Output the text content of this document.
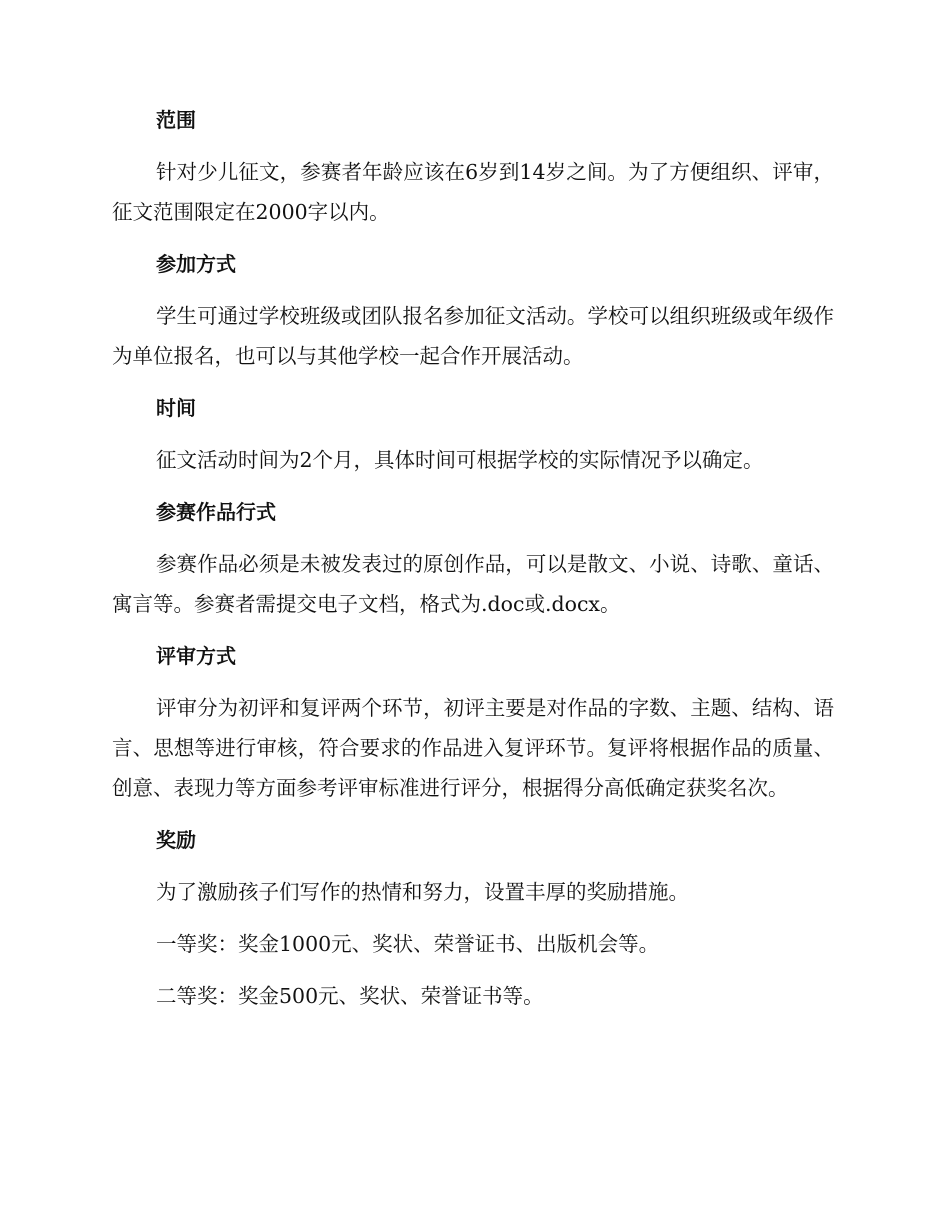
范围

针对少儿征文，参赛者年龄应该在6岁到14岁之间。为了方便组织、评审，征文范围限定在2000字以内。

参加方式

学生可通过学校班级或团队报名参加征文活动。学校可以组织班级或年级作为单位报名，也可以与其他学校一起合作开展活动。

时间

征文活动时间为2个月，具体时间可根据学校的实际情况予以确定。

参赛作品行式

参赛作品必须是未被发表过的原创作品，可以是散文、小说、诗歌、童话、寓言等。参赛者需提交电子文档，格式为.doc或.docx。

评审方式

评审分为初评和复评两个环节，初评主要是对作品的字数、主题、结构、语言、思想等进行审核，符合要求的作品进入复评环节。复评将根据作品的质量、创意、表现力等方面参考评审标准进行评分，根据得分高低确定获奖名次。

奖励

为了激励孩子们写作的热情和努力，设置丰厚的奖励措施。

一等奖：奖金1000元、奖状、荣誉证书、出版机会等。
二等奖：奖金500元、奖状、荣誉证书等。
